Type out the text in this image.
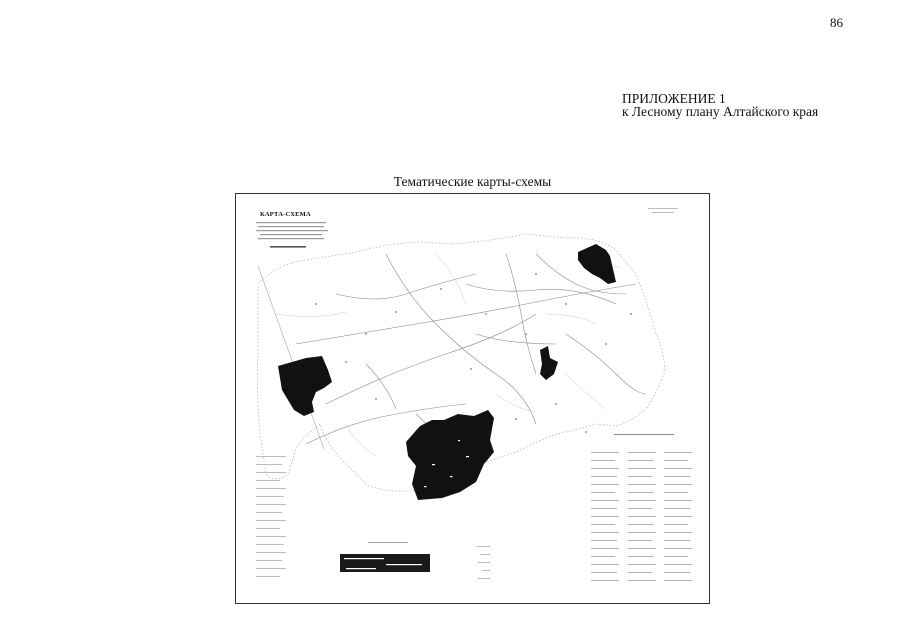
86
ПРИЛОЖЕНИЕ 1
к Лесному плану Алтайского края
Тематические карты-схемы
КАРТА-СХЕМА
